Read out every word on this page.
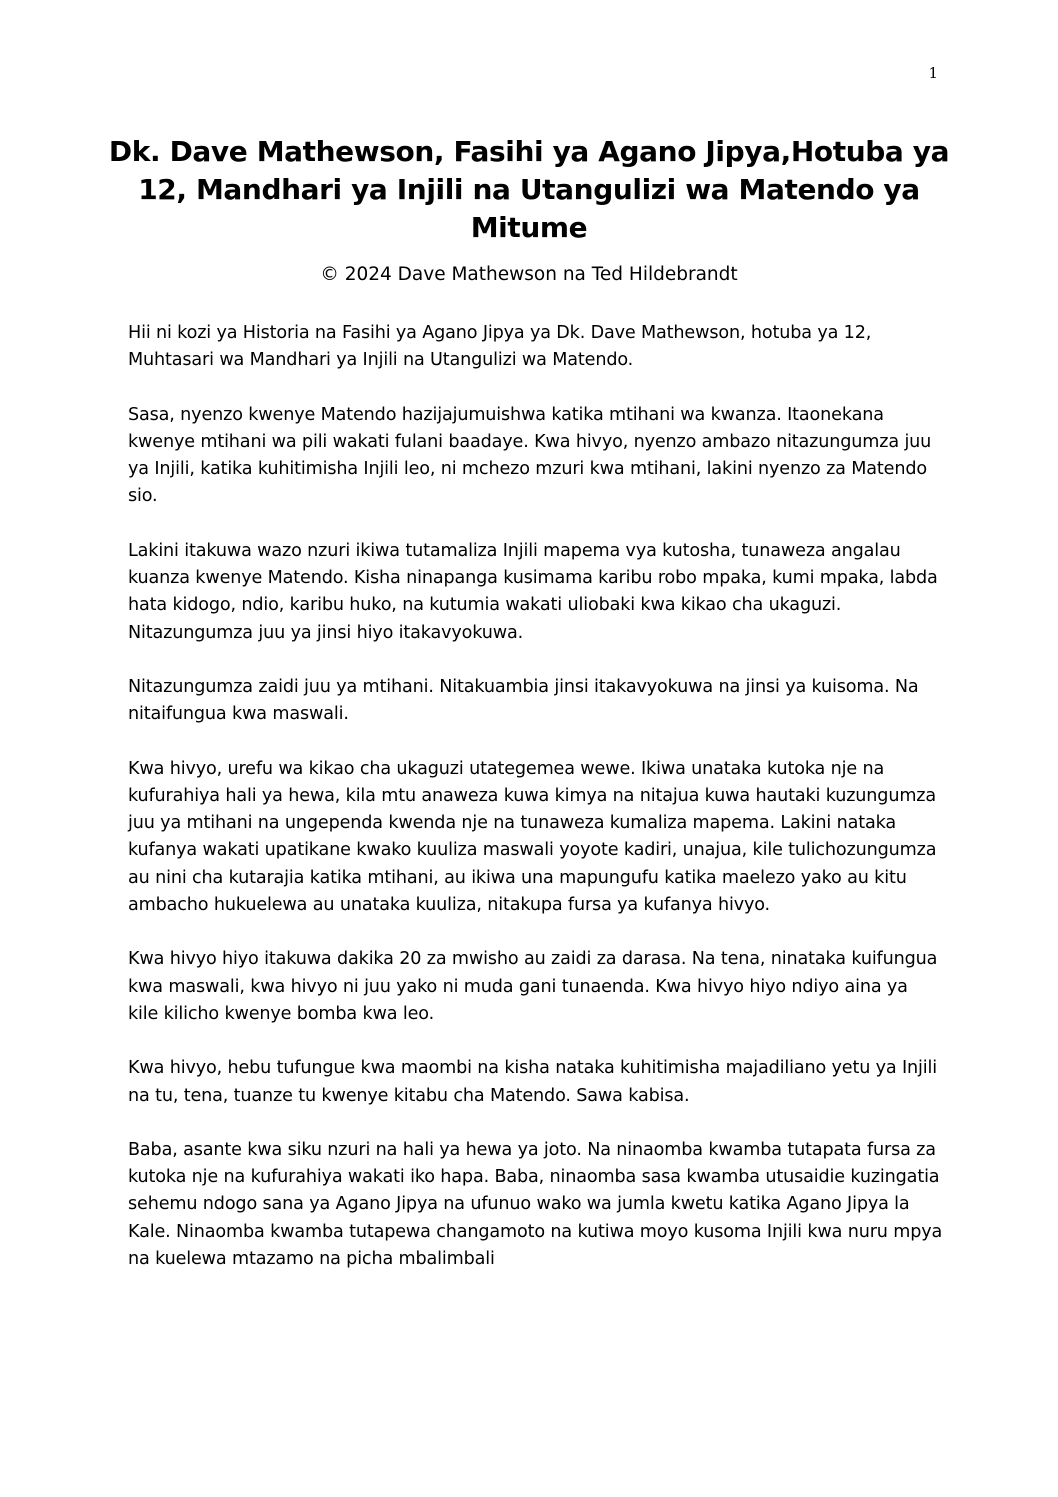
1
Dk. Dave Mathewson, Fasihi ya Agano Jipya,Hotuba ya 12, Mandhari ya Injili na Utangulizi wa Matendo ya Mitume
© 2024 Dave Mathewson na Ted Hildebrandt

Hii ni kozi ya Historia na Fasihi ya Agano Jipya ya Dk. Dave Mathewson, hotuba ya 12, Muhtasari wa Mandhari ya Injili na Utangulizi wa Matendo.

Sasa, nyenzo kwenye Matendo hazijajumuishwa katika mtihani wa kwanza. Itaonekana kwenye mtihani wa pili wakati fulani baadaye. Kwa hivyo, nyenzo ambazo nitazungumza juu ya Injili, katika kuhitimisha Injili leo, ni mchezo mzuri kwa mtihani, lakini nyenzo za Matendo sio.

Lakini itakuwa wazo nzuri ikiwa tutamaliza Injili mapema vya kutosha, tunaweza angalau kuanza kwenye Matendo. Kisha ninapanga kusimama karibu robo mpaka, kumi mpaka, labda hata kidogo, ndio, karibu huko, na kutumia wakati uliobaki kwa kikao cha ukaguzi. Nitazungumza juu ya jinsi hiyo itakavyokuwa.

Nitazungumza zaidi juu ya mtihani. Nitakuambia jinsi itakavyokuwa na jinsi ya kuisoma. Na nitaifungua kwa maswali.

Kwa hivyo, urefu wa kikao cha ukaguzi utategemea wewe. Ikiwa unataka kutoka nje na kufurahiya hali ya hewa, kila mtu anaweza kuwa kimya na nitajua kuwa hautaki kuzungumza juu ya mtihani na ungependa kwenda nje na tunaweza kumaliza mapema. Lakini nataka kufanya wakati upatikane kwako kuuliza maswali yoyote kadiri, unajua, kile tulichozungumza au nini cha kutarajia katika mtihani, au ikiwa una mapungufu katika maelezo yako au kitu ambacho hukuelewa au unataka kuuliza, nitakupa fursa ya kufanya hivyo.

Kwa hivyo hiyo itakuwa dakika 20 za mwisho au zaidi za darasa. Na tena, ninataka kuifungua kwa maswali, kwa hivyo ni juu yako ni muda gani tunaenda. Kwa hivyo hiyo ndiyo aina ya kile kilicho kwenye bomba kwa leo.

Kwa hivyo, hebu tufungue kwa maombi na kisha nataka kuhitimisha majadiliano yetu ya Injili na tu, tena, tuanze tu kwenye kitabu cha Matendo. Sawa kabisa.

Baba, asante kwa siku nzuri na hali ya hewa ya joto. Na ninaomba kwamba tutapata fursa za kutoka nje na kufurahiya wakati iko hapa. Baba, ninaomba sasa kwamba utusaidie kuzingatia sehemu ndogo sana ya Agano Jipya na ufunuo wako wa jumla kwetu katika Agano Jipya la Kale. Ninaomba kwamba tutapewa changamoto na kutiwa moyo kusoma Injili kwa nuru mpya na kuelewa mtazamo na picha mbalimbali
